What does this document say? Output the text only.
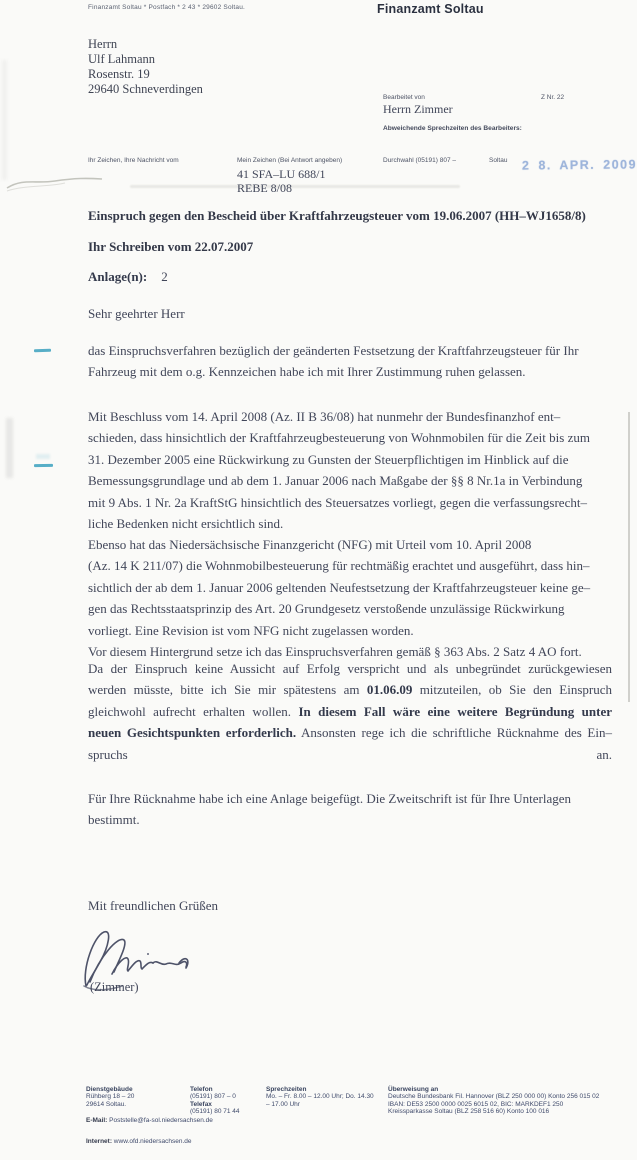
Finanzamt Soltau * Postfach * 2 43 * 29602 Soltau.	Finanzamt Soltau
Herrn
Ulf Lahmann
Rosenstr. 19
29640 Schneverdingen
Bearbeitet von
Herrn Zimmer
Z Nr. 22
Abweichende Sprechzeiten des Bearbeiters:
Ihr Zeichen, Ihre Nachricht vom	Mein Zeichen (Bei Antwort angeben)	Durchwahl (05191) 807 –	Soltau
41 SFA–LU 688/1
REBE 8/08
2 8. APR. 2009
Einspruch gegen den Bescheid über Kraftfahrzeugsteuer vom 19.06.2007 (HH–WJ1658/8)
Ihr Schreiben vom 22.07.2007
Anlage(n): 2
Sehr geehrter Herr
das Einspruchsverfahren bezüglich der geänderten Festsetzung der Kraftfahrzeugsteuer für Ihr
Fahrzeug mit dem o.g. Kennzeichen habe ich mit Ihrer Zustimmung ruhen gelassen.
Mit Beschluss vom 14. April 2008 (Az. II B 36/08) hat nunmehr der Bundesfinanzhof ent–
schieden, dass hinsichtlich der Kraftfahrzeugbesteuerung von Wohnmobilen für die Zeit bis zum
31. Dezember 2005 eine Rückwirkung zu Gunsten der Steuerpflichtigen im Hinblick auf die
Bemessungsgrundlage und ab dem 1. Januar 2006 nach Maßgabe der §§ 8 Nr.1a in Verbindung
mit 9 Abs. 1 Nr. 2a KraftStG hinsichtlich des Steuersatzes vorliegt, gegen die verfassungsrecht–
liche Bedenken nicht ersichtlich sind.
Ebenso hat das Niedersächsische Finanzgericht (NFG) mit Urteil vom 10. April 2008
(Az. 14 K 211/07) die Wohnmobilbesteuerung für rechtmäßig erachtet und ausgeführt, dass hin–
sichtlich der ab dem 1. Januar 2006 geltenden Neufestsetzung der Kraftfahrzeugsteuer keine ge–
gen das Rechtsstaatsprinzip des Art. 20 Grundgesetz verstoßende unzulässige Rückwirkung
vorliegt. Eine Revision ist vom NFG nicht zugelassen worden.
Vor diesem Hintergrund setze ich das Einspruchsverfahren gemäß § 363 Abs. 2 Satz 4 AO fort.
Da der Einspruch keine Aussicht auf Erfolg verspricht und als unbegründet zurückgewiesen
werden müsste, bitte ich Sie mir spätestens am 01.06.09 mitzuteilen, ob Sie den Einspruch
gleichwohl aufrecht erhalten wollen. In diesem Fall wäre eine weitere Begründung unter
neuen Gesichtspunkten erforderlich. Ansonsten rege ich die schriftliche Rücknahme des Ein–
spruchs an.
Für Ihre Rücknahme habe ich eine Anlage beigefügt. Die Zweitschrift ist für Ihre Unterlagen
bestimmt.
Mit freundlichen Grüßen
(Zimmer)
Dienstgebäude
Rühberg 18 – 20
29614 Soltau.
Telefon
(05191) 807 – 0
Telefax
(05191) 80 71 44
Sprechzeiten
Mo. – Fr. 8.00 – 12.00 Uhr; Do. 14.30
– 17.00 Uhr
Überweisung an
Deutsche Bundesbank Fil. Hannover (BLZ 250 000 00) Konto 256 015 02
IBAN: DE53 2500 0000 0025 6015 02, BIC: MARKDEF1 250
Kreissparkasse Soltau (BLZ 258 516 60) Konto 100 016
E-Mail: Poststelle@fa-sol.niedersachsen.de
Internet: www.ofd.niedersachsen.de
